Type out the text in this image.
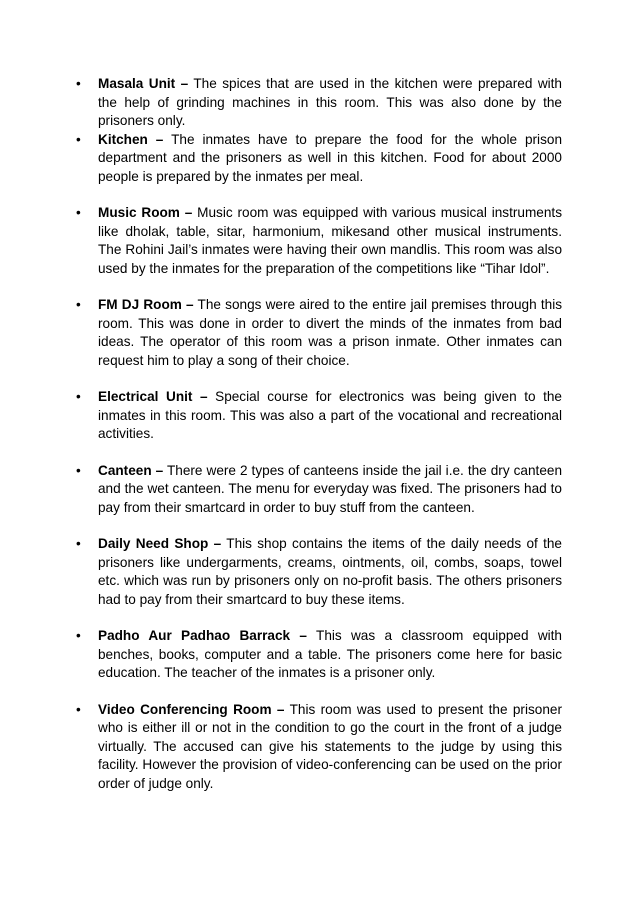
• Masala Unit – The spices that are used in the kitchen were prepared with the help of grinding machines in this room. This was also done by the prisoners only.
• Kitchen – The inmates have to prepare the food for the whole prison department and the prisoners as well in this kitchen. Food for about 2000 people is prepared by the inmates per meal.
• Music Room – Music room was equipped with various musical instruments like dholak, table, sitar, harmonium, mikesand other musical instruments. The Rohini Jail’s inmates were having their own mandlis. This room was also used by the inmates for the preparation of the competitions like “Tihar Idol”.
• FM DJ Room – The songs were aired to the entire jail premises through this room. This was done in order to divert the minds of the inmates from bad ideas. The operator of this room was a prison inmate. Other inmates can request him to play a song of their choice.
• Electrical Unit – Special course for electronics was being given to the inmates in this room. This was also a part of the vocational and recreational activities.
• Canteen – There were 2 types of canteens inside the jail i.e. the dry canteen and the wet canteen. The menu for everyday was fixed. The prisoners had to pay from their smartcard in order to buy stuff from the canteen.
• Daily Need Shop – This shop contains the items of the daily needs of the prisoners like undergarments, creams, ointments, oil, combs, soaps, towel etc. which was run by prisoners only on no-profit basis. The others prisoners had to pay from their smartcard to buy these items.
• Padho Aur Padhao Barrack – This was a classroom equipped with benches, books, computer and a table. The prisoners come here for basic education. The teacher of the inmates is a prisoner only.
• Video Conferencing Room – This room was used to present the prisoner who is either ill or not in the condition to go the court in the front of a judge virtually. The accused can give his statements to the judge by using this facility. However the provision of video-conferencing can be used on the prior order of judge only.
